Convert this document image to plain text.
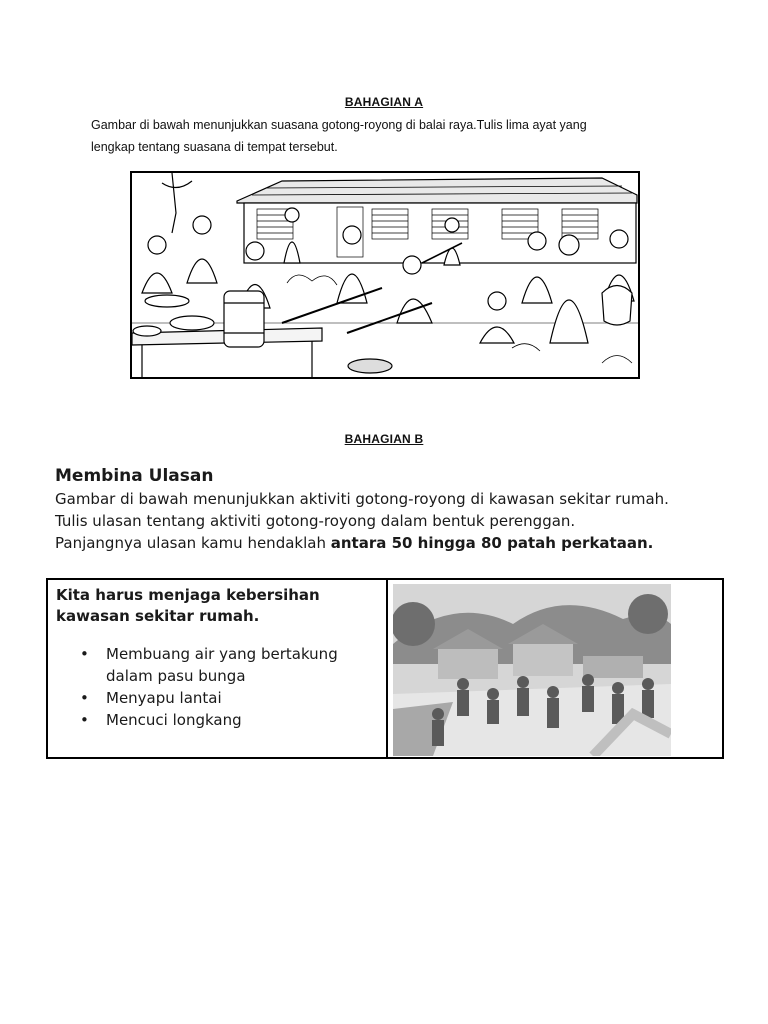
BAHAGIAN A

Gambar di bawah menunjukkan suasana gotong-royong di balai raya.Tulis lima ayat yang

lengkap tentang suasana di tempat tersebut.

BAHAGIAN B

Membina Ulasan

Gambar di bawah menunjukkan aktiviti gotong-royong di kawasan sekitar rumah.

Tulis ulasan tentang aktiviti gotong-royong dalam bentuk perenggan.

Panjangnya ulasan kamu hendaklah antara 50 hingga 80 patah perkataan.

Kita harus menjaga kebersihan
kawasan sekitar rumah.

• Membuang air yang bertakung
dalam pasu bunga
• Menyapu lantai
• Mencuci longkang
